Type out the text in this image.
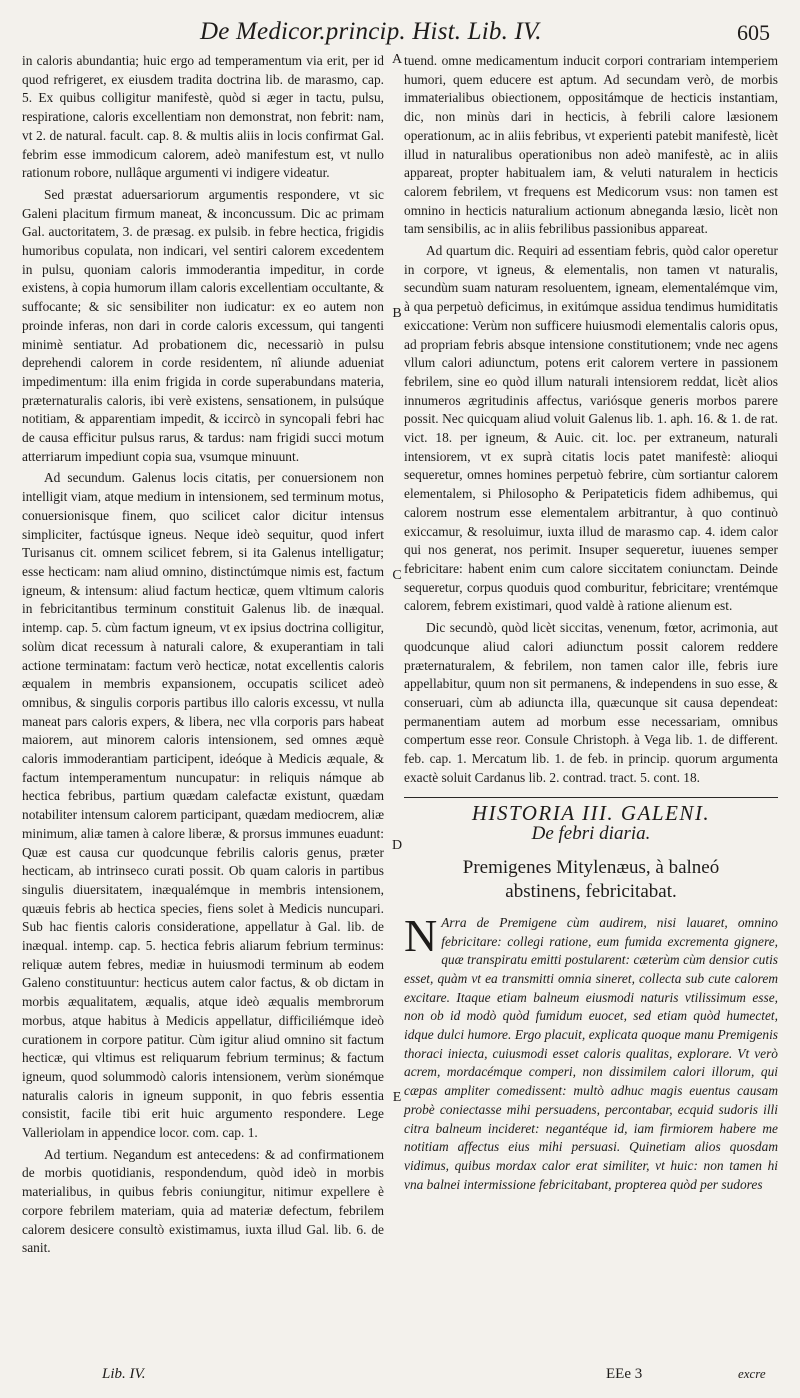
De Medicor.princip. Hist. Lib. IV.	605

in caloris abundantia; huic ergo ad temperamentum via erit, per id quod refrigeret, ex eiusdem tradita doctrina lib. de marasmo, cap. 5. Ex quibus colligitur manifestè, quòd si æger in tactu, pulsu, respiratione, caloris excellentiam non demonstrat, non febrit: nam, vt 2. de natural. facult. cap. 8. & multis aliis in locis confirmat Gal. febrim esse immodicum calorem, adeò manifestum est, vt nullo rationum robore, nullâque argumenti vi indigere videatur.

Sed præstat aduersariorum argumentis respondere, vt sic Galeni placitum firmum maneat, & inconcussum. Dic ac primam Gal. auctoritatem, 3. de præsag. ex pulsib. in febre hectica, frigidis humoribus copulata, non indicari, vel sentiri calorem excedentem in pulsu, quoniam caloris immoderantia impeditur, in corde existens, à copia humorum illam caloris excellentiam occultante, & suffocante; & sic sensibiliter non iudicatur: ex eo autem non proinde inferas, non dari in corde caloris excessum, qui tangenti minimè sentiatur. Ad probationem dic, necessariò in pulsu deprehendi calorem in corde residentem, nî aliunde adueniat impedimentum: illa enim frigida in corde superabundans materia, præternaturalis caloris, ibi verè existens, sensationem, in pulsúque notitiam, & apparentiam impedit, & iccircò in syncopali febri hac de causa efficitur pulsus rarus, & tardus: nam frigidi succi motum atterriarum impediunt copia sua, vsumque minuunt.

Ad secundum. Galenus locis citatis, per conuersionem non intelligit viam, atque medium in intensionem, sed terminum motus, conuersionisque finem, quo scilicet calor dicitur intensus simpliciter, factúsque igneus. Neque ideò sequitur, quod infert Turisanus cit. omnem scilicet febrem, si ita Galenus intelligatur; esse hecticam: nam aliud omnino, distinctúmque nimis est, factum igneum, & intensum: aliud factum hecticæ, quem vltimum caloris in febricitantibus terminum constituit Galenus lib. de inæqual. intemp. cap. 5. cùm factum igneum, vt ex ipsius doctrina colligitur, solùm dicat recessum à naturali calore, & exuperantiam in tali actione terminatam: factum verò hecticæ, notat excellentis caloris æqualem in membris expansionem, occupatis scilicet adeò omnibus, & singulis corporis partibus illo caloris excessu, vt nulla maneat pars caloris expers, & libera, nec vlla corporis pars habeat maiorem, aut minorem caloris intensionem, sed omnes æquè caloris immoderantiam participent, ideóque à Medicis æquale, & factum intemperamentum nuncupatur: in reliquis námque ab hectica febribus, partium quædam calefactæ existunt, quædam notabiliter intensum calorem participant, quædam mediocrem, aliæ minimum, aliæ tamen à calore liberæ, & prorsus immunes euadunt: Quæ est causa cur quodcunque febrilis caloris genus, præter hecticam, ab intrinseco curati possit. Ob quam caloris in partibus singulis diuersitatem, inæqualémque in membris intensionem, quæuis febris ab hectica species, fiens solet à Medicis nuncupari. Sub hac fientis caloris consideratione, appellatur à Gal. lib. de inæqual. intemp. cap. 5. hectica febris aliarum febrium terminus: reliquæ autem febres, mediæ in huiusmodi terminum ab eodem Galeno constituuntur: hecticus autem calor factus, & ob dictam in morbis æqualitatem, æqualis, atque ideò æqualis membrorum morbus, atque habitus à Medicis appellatur, difficiliémque ideò curationem in corpore patitur. Cùm igitur aliud omnino sit factum hecticæ, qui vltimus est reliquarum febrium terminus; & factum igneum, quod solummodò caloris intensionem, verùm sionémque naturalis caloris in igneum supponit, in quo febris essentia consistit, facile tibi erit huic argumento respondere. Lege Valleriolam in appendice locor. com. cap. 1.

Ad tertium. Negandum est antecedens: & ad confirmationem de morbis quotidianis, respondendum, quòd ideò in morbis materialibus, in quibus febris coniungitur, nitimur expellere è corpore febrilem materiam, quia ad materiæ defectum, febrilem calorem desicere consultò existimamus, iuxta illud Gal. lib. 6. de sanit.

A
B
C
D
E

tuend. omne medicamentum inducit corpori contrariam intemperiem humori, quem educere est aptum. Ad secundam verò, de morbis immaterialibus obiectionem, oppositámque de hecticis instantiam, dic, non minùs dari in hecticis, à febrili calore læsionem operationum, ac in aliis febribus, vt experienti patebit manifestè, licèt illud in naturalibus operationibus non adeò manifestè, ac in aliis appareat, propter habitualem iam, & veluti naturalem in hecticis calorem febrilem, vt frequens est Medicorum vsus: non tamen est omnino in hecticis naturalium actionum abneganda læsio, licèt non tam sensibilis, ac in aliis febrilibus passionibus appareat.

Ad quartum dic. Requiri ad essentiam febris, quòd calor operetur in corpore, vt igneus, & elementalis, non tamen vt naturalis, secundùm suam naturam resoluentem, igneam, elementalémque vim, à qua perpetuò deficimus, in exitúmque assidua tendimus humiditatis exiccatione: Verùm non sufficere huiusmodi elementalis caloris opus, ad propriam febris absque intensione constitutionem; vnde nec agens vllum calori adiunctum, potens erit calorem vertere in passionem febrilem, sine eo quòd illum naturali intensiorem reddat, licèt alios innumeros ægritudinis affectus, variósque generis morbos parere possit. Nec quicquam aliud voluit Galenus lib. 1. aph. 16. & 1. de rat. vict. 18. per igneum, & Auic. cit. loc. per extraneum, naturali intensiorem, vt ex suprà citatis locis patet manifestè: alioqui sequeretur, omnes homines perpetuò febrire, cùm sortiantur calorem elementalem, si Philosopho & Peripateticis fidem adhibemus, qui calorem nostrum esse elementalem arbitrantur, à quo continuò exiccamur, & resoluimur, iuxta illud de marasmo cap. 4. idem calor qui nos generat, nos perimit. Insuper sequeretur, iuuenes semper febricitare: habent enim cum calore siccitatem coniunctam. Deinde sequeretur, corpus quoduis quod comburitur, febricitare; vrentémque calorem, febrem existimari, quod valdè à ratione alienum est.

Dic secundò, quòd licèt siccitas, venenum, fœtor, acrimonia, aut quodcunque aliud calori adiunctum possit calorem reddere præternaturalem, & febrilem, non tamen calor ille, febris iure appellabitur, quum non sit permanens, & independens in suo esse, & conseruari, cùm ab adiuncta illa, quæcunque sit causa dependeat: permanentiam autem ad morbum esse necessariam, omnibus compertum esse reor. Consule Christoph. à Vega lib. 1. de different. feb. cap. 1. Mercatum lib. 1. de feb. in princip. quorum argumenta exactè soluit Cardanus lib. 2. contrad. tract. 5. cont. 18.

HISTORIA III. GALENI.
De febri diaria.
Premigenes Mitylenæus, à balneó abstinens, febricitabat.

N Arra de Premigene cùm audirem, nisi lauaret, omnino febricitare: collegi ratione, eum fumida excrementa gignere, quæ transpiratu emitti postularent: cæterùm cùm densior cutis esset, quàm vt ea transmitti omnia sineret, collecta sub cute calorem excitare. Itaque etiam balneum eiusmodi naturis vtilissimum esse, non ob id modò quòd fumidum euocet, sed etiam quòd humectet, idque dulci humore. Ergo placuit, explicata quoque manu Premigenis thoraci iniecta, cuiusmodi esset caloris qualitas, explorare. Vt verò acrem, mordacémque comperi, non dissimilem calori illorum, qui cæpas ampliter comedissent: multò adhuc magis euentus causam probè coniectasse mihi persuadens, percontabar, ecquid sudoris illi citra balneum incideret: negantéque id, iam firmiorem habere me notitiam affectus eius mihi persuasi. Quinetiam alios quosdam vidimus, quibus mordax calor erat similiter, vt huic: non tamen hi vna balnei intermissione febricitabant, propterea quòd per sudores

Lib. IV.	EEe 3	excre
